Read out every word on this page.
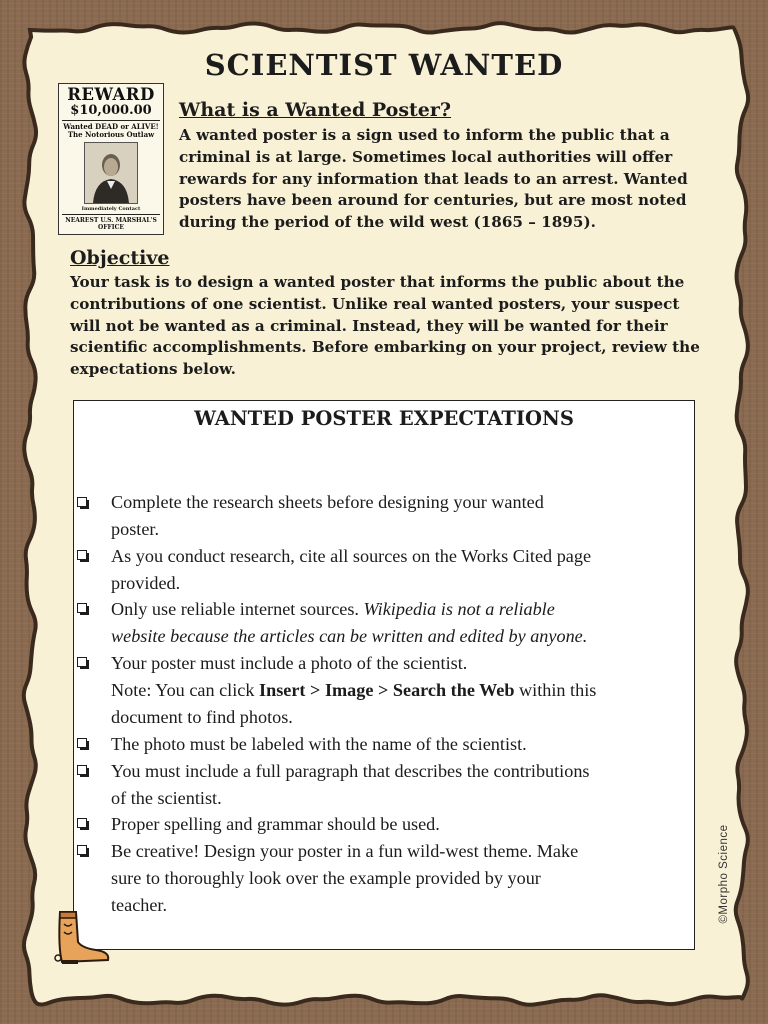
SCIENTIST WANTED
REWARD
$10,000.00
Wanted DEAD or ALIVE!
The Notorious Outlaw
Immediately Contact
NEAREST U.S. MARSHAL'S OFFICE
What is a Wanted Poster?
A wanted poster is a sign used to inform the public that a
criminal is at large. Sometimes local authorities will offer
rewards for any information that leads to an arrest. Wanted
posters have been around for centuries, but are most noted
during the period of the wild west (1865 – 1895).
Objective
Your task is to design a wanted poster that informs the public about the
contributions of one scientist. Unlike real wanted posters, your suspect
will not be wanted as a criminal. Instead, they will be wanted for their
scientific accomplishments. Before embarking on your project, review the
expectations below.
WANTED POSTER EXPECTATIONS
Complete the research sheets before designing your wanted
poster.
As you conduct research, cite all sources on the Works Cited page
provided.
Only use reliable internet sources. Wikipedia is not a reliable
website because the articles can be written and edited by anyone.
Your poster must include a photo of the scientist.
Note: You can click Insert > Image > Search the Web within this
document to find photos.
The photo must be labeled with the name of the scientist.
You must include a full paragraph that describes the contributions
of the scientist.
Proper spelling and grammar should be used.
Be creative! Design your poster in a fun wild-west theme. Make
sure to thoroughly look over the example provided by your
teacher.	©Morpho Science
